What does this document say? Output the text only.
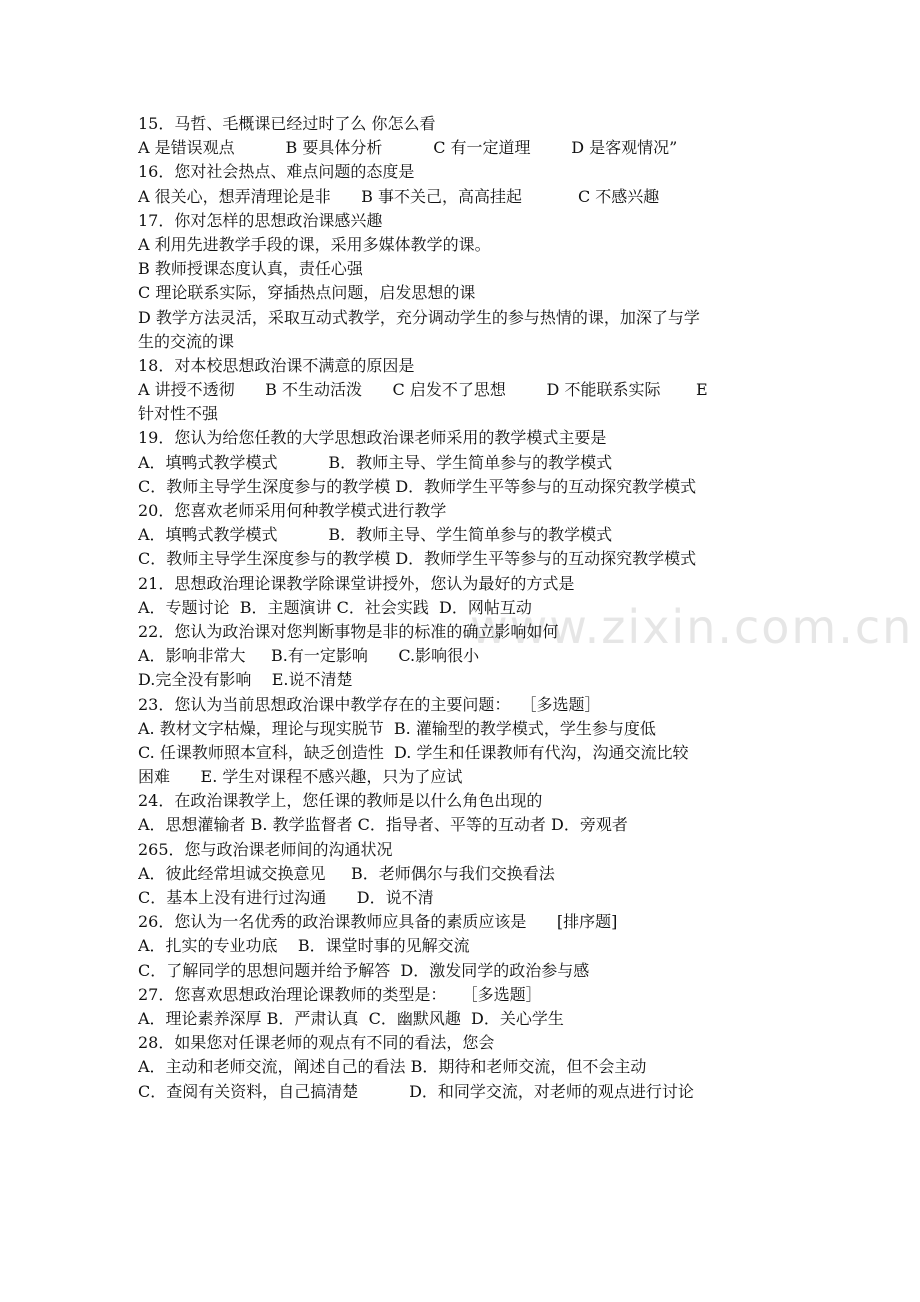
www.zixin.com.cn
15．马哲、毛概课已经过时了么 你怎么看
A 是错误观点          B 要具体分析          C 有一定道理        D 是客观情况”
16．您对社会热点、难点问题的态度是
A 很关心，想弄清理论是非      B 事不关己，高高挂起           C 不感兴趣
17．你对怎样的思想政治课感兴趣
A 利用先进教学手段的课，采用多媒体教学的课。
B 教师授课态度认真，责任心强
C 理论联系实际，穿插热点问题，启发思想的课
D 教学方法灵活，采取互动式教学，充分调动学生的参与热情的课，加深了与学
生的交流的课
18．对本校思想政治课不满意的原因是
A 讲授不透彻      B 不生动活泼      C 启发不了思想        D 不能联系实际       E
针对性不强
19．您认为给您任教的大学思想政治课老师采用的教学模式主要是
A．填鸭式教学模式          B．教师主导、学生简单参与的教学模式
C．教师主导学生深度参与的教学模 D．教师学生平等参与的互动探究教学模式
20．您喜欢老师采用何种教学模式进行教学
A．填鸭式教学模式          B．教师主导、学生简单参与的教学模式
C．教师主导学生深度参与的教学模 D．教师学生平等参与的互动探究教学模式
21．思想政治理论课教学除课堂讲授外，您认为最好的方式是
A．专题讨论  B．主题演讲 C．社会实践  D．网帖互动
22．您认为政治课对您判断事物是非的标准的确立影响如何
A．影响非常大     B.有一定影响      C.影响很小
D.完全没有影响    E.说不清楚
23．您认为当前思想政治课中教学存在的主要问题：  ［多选题］
A. 教材文字枯燥，理论与现实脱节  B. 灌输型的教学模式，学生参与度低
C. 任课教师照本宣科，缺乏创造性  D. 学生和任课教师有代沟，沟通交流比较
困难      E. 学生对课程不感兴趣，只为了应试
24．在政治课教学上，您任课的教师是以什么角色出现的
A．思想灌输者 B. 教学监督者 C．指导者、平等的互动者 D．旁观者
265．您与政治课老师间的沟通状况
A．彼此经常坦诚交换意见     B．老师偶尔与我们交换看法
C．基本上没有进行过沟通      D．说不清
26．您认为一名优秀的政治课教师应具备的素质应该是      [排序题]
A．扎实的专业功底    B．课堂时事的见解交流
C．了解同学的思想问题并给予解答  D．激发同学的政治参与感
27．您喜欢思想政治理论课教师的类型是：   ［多选题］
A．理论素养深厚 B．严肃认真  C．幽默风趣  D．关心学生
28．如果您对任课老师的观点有不同的看法，您会
A．主动和老师交流，阐述自己的看法 B．期待和老师交流，但不会主动
C．查阅有关资料，自己搞清楚          D．和同学交流，对老师的观点进行讨论
